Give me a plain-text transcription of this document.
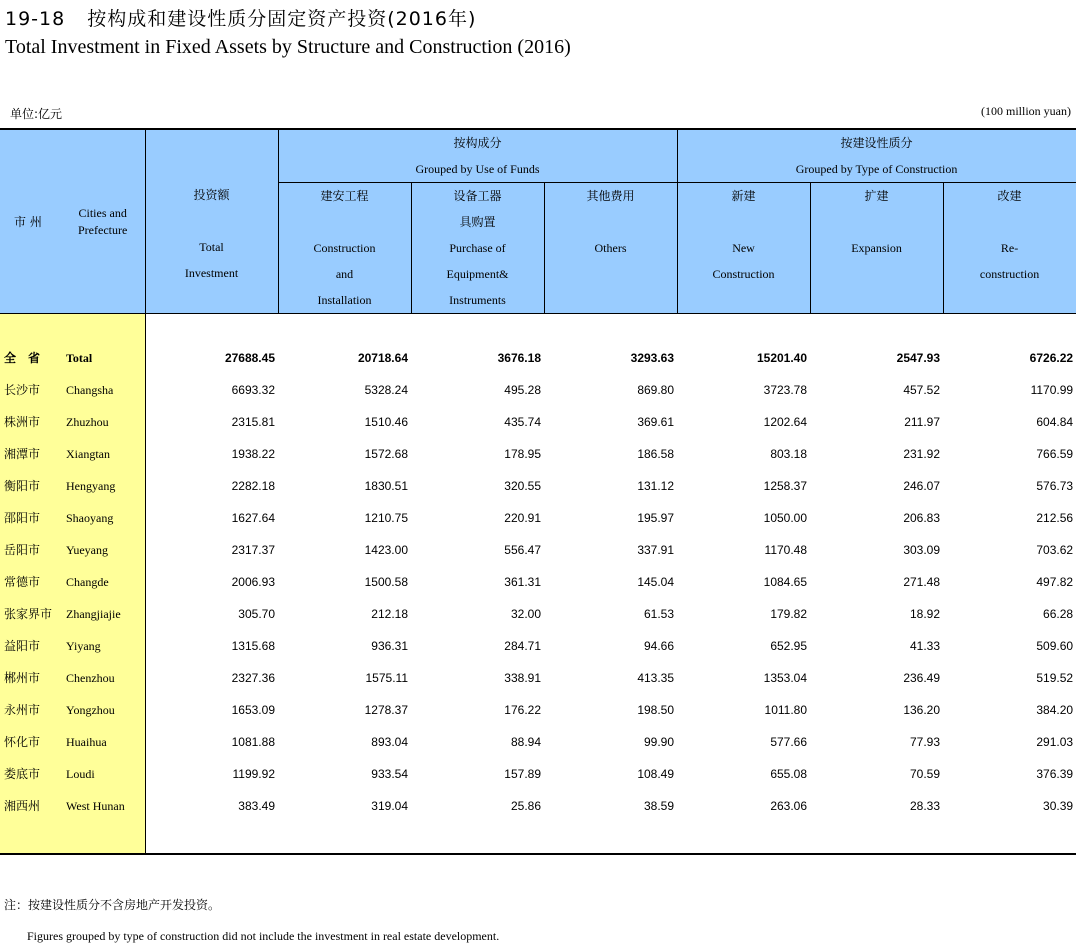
19-18 按构成和建设性质分固定资产投资(2016年)
Total Investment in Fixed Assets by Structure and Construction (2016)
单位:亿元	(100 million yuan)
市 州
Cities and
Prefecture	投资额
Total
Investment	按构成分
Grouped by Use of Funds			按建设性质分
Grouped by Type of Construction		

		建安工程
Construction
and
Installation	设备工器
具购置
Purchase of
Equipment&
Instruments	其他费用
Others	新建
New
Construction	扩建
Expansion	改建
Re-
construction

全　省 Total	27688.45	20718.64	3676.18	3293.63	15201.40	2547.93	6726.22
长沙市 Changsha	6693.32	5328.24	495.28	869.80	3723.78	457.52	1170.99
株洲市 Zhuzhou	2315.81	1510.46	435.74	369.61	1202.64	211.97	604.84
湘潭市 Xiangtan	1938.22	1572.68	178.95	186.58	803.18	231.92	766.59
衡阳市 Hengyang	2282.18	1830.51	320.55	131.12	1258.37	246.07	576.73
邵阳市 Shaoyang	1627.64	1210.75	220.91	195.97	1050.00	206.83	212.56
岳阳市 Yueyang	2317.37	1423.00	556.47	337.91	1170.48	303.09	703.62
常德市 Changde	2006.93	1500.58	361.31	145.04	1084.65	271.48	497.82
张家界市 Zhangjiajie	305.70	212.18	32.00	61.53	179.82	18.92	66.28
益阳市 Yiyang	1315.68	936.31	284.71	94.66	652.95	41.33	509.60
郴州市 Chenzhou	2327.36	1575.11	338.91	413.35	1353.04	236.49	519.52
永州市 Yongzhou	1653.09	1278.37	176.22	198.50	1011.80	136.20	384.20
怀化市 Huaihua	1081.88	893.04	88.94	99.90	577.66	77.93	291.03
娄底市 Loudi	1199.92	933.54	157.89	108.49	655.08	70.59	376.39
湘西州 West Hunan	383.49	319.04	25.86	38.59	263.06	28.33	30.39

注：按建设性质分不含房地产开发投资。
Figures grouped by type of construction did not include the investment in real estate development.
